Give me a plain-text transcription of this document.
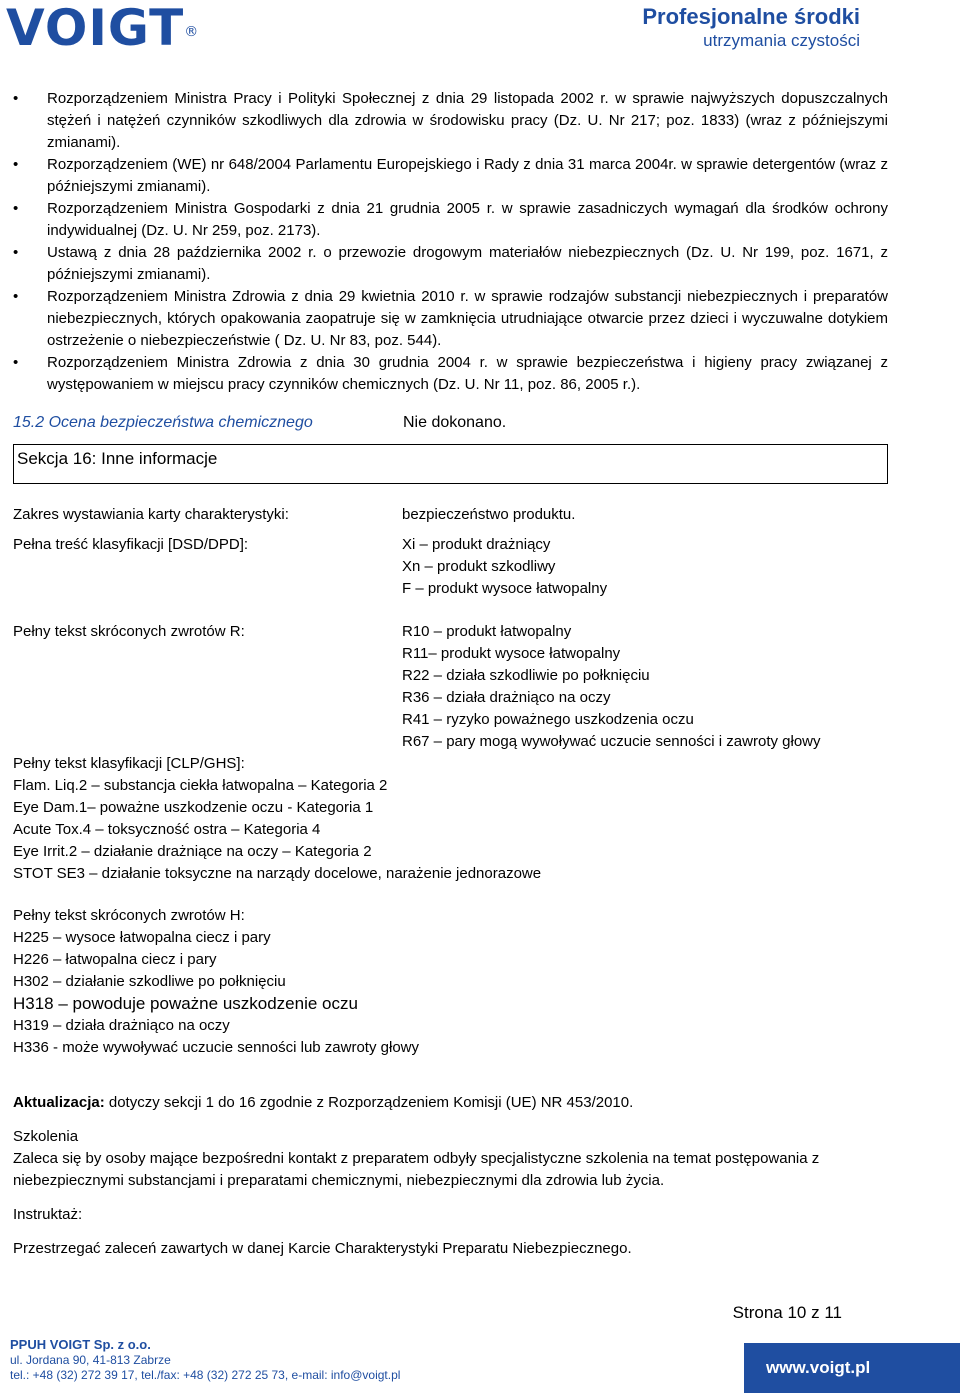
VOIGT®
Profesjonalne środki
utrzymania czystości
• Rozporządzeniem Ministra Pracy i Polityki Społecznej z dnia 29 listopada 2002 r. w sprawie najwyższych dopuszczalnych stężeń i natężeń czynników szkodliwych dla zdrowia w środowisku pracy (Dz. U. Nr 217; poz. 1833) (wraz z późniejszymi zmianami).
• Rozporządzeniem (WE) nr 648/2004 Parlamentu Europejskiego i Rady z dnia 31 marca 2004r. w sprawie detergentów (wraz z późniejszymi zmianami).
• Rozporządzeniem Ministra Gospodarki z dnia 21 grudnia 2005 r. w sprawie zasadniczych wymagań dla środków ochrony indywidualnej (Dz. U. Nr 259, poz. 2173).
• Ustawą z dnia 28 października 2002 r. o przewozie drogowym materiałów niebezpiecznych (Dz. U. Nr 199, poz. 1671, z późniejszymi zmianami).
• Rozporządzeniem Ministra Zdrowia z dnia 29 kwietnia 2010 r. w sprawie rodzajów substancji niebezpiecznych i preparatów niebezpiecznych, których opakowania zaopatruje się w zamknięcia utrudniające otwarcie przez dzieci i wyczuwalne dotykiem ostrzeżenie o niebezpieczeństwie ( Dz. U. Nr 83, poz. 544).
• Rozporządzeniem Ministra Zdrowia z dnia 30 grudnia 2004 r. w sprawie bezpieczeństwa i higieny pracy związanej z występowaniem w miejscu pracy czynników chemicznych (Dz. U. Nr 11, poz. 86, 2005 r.).
15.2 Ocena bezpieczeństwa chemicznego	Nie dokonano.
Sekcja 16: Inne informacje
Zakres wystawiania karty charakterystyki:	bezpieczeństwo produktu.
Pełna treść klasyfikacji [DSD/DPD]:	Xi – produkt drażniący
Xn – produkt szkodliwy
F – produkt wysoce łatwopalny
Pełny tekst skróconych zwrotów R:	R10 – produkt łatwopalny
R11– produkt wysoce łatwopalny
R22 – działa szkodliwie po połknięciu
R36 – działa drażniąco na oczy
R41 – ryzyko poważnego uszkodzenia oczu
R67 – pary mogą wywoływać uczucie senności i zawroty głowy
Pełny tekst klasyfikacji [CLP/GHS]:
Flam. Liq.2 – substancja ciekła łatwopalna – Kategoria 2
Eye Dam.1– poważne uszkodzenie oczu - Kategoria 1
Acute Tox.4 – toksyczność ostra – Kategoria 4
Eye Irrit.2 – działanie drażniące na oczy – Kategoria 2
STOT SE3 – działanie toksyczne na narządy docelowe, narażenie jednorazowe
Pełny tekst skróconych zwrotów H:
H225 – wysoce łatwopalna ciecz i pary
H226 – łatwopalna ciecz i pary
H302 – działanie szkodliwe po połknięciu
H318 – powoduje poważne uszkodzenie oczu
H319 – działa drażniąco na oczy
H336 - może wywoływać uczucie senności lub zawroty głowy
Aktualizacja: dotyczy sekcji 1 do 16 zgodnie z Rozporządzeniem Komisji (UE) NR 453/2010.
Szkolenia
Zaleca się by osoby mające bezpośredni kontakt z preparatem odbyły specjalistyczne szkolenia na temat postępowania z niebezpiecznymi substancjami i preparatami chemicznymi, niebezpiecznymi dla zdrowia lub życia.
Instruktaż:
Przestrzegać zaleceń zawartych w danej Karcie Charakterystyki Preparatu Niebezpiecznego.
Strona 10 z 11
PPUH VOIGT Sp. z o.o.
ul. Jordana 90, 41-813 Zabrze
tel.: +48 (32) 272 39 17, tel./fax: +48 (32) 272 25 73, e-mail: info@voigt.pl	www.voigt.pl
